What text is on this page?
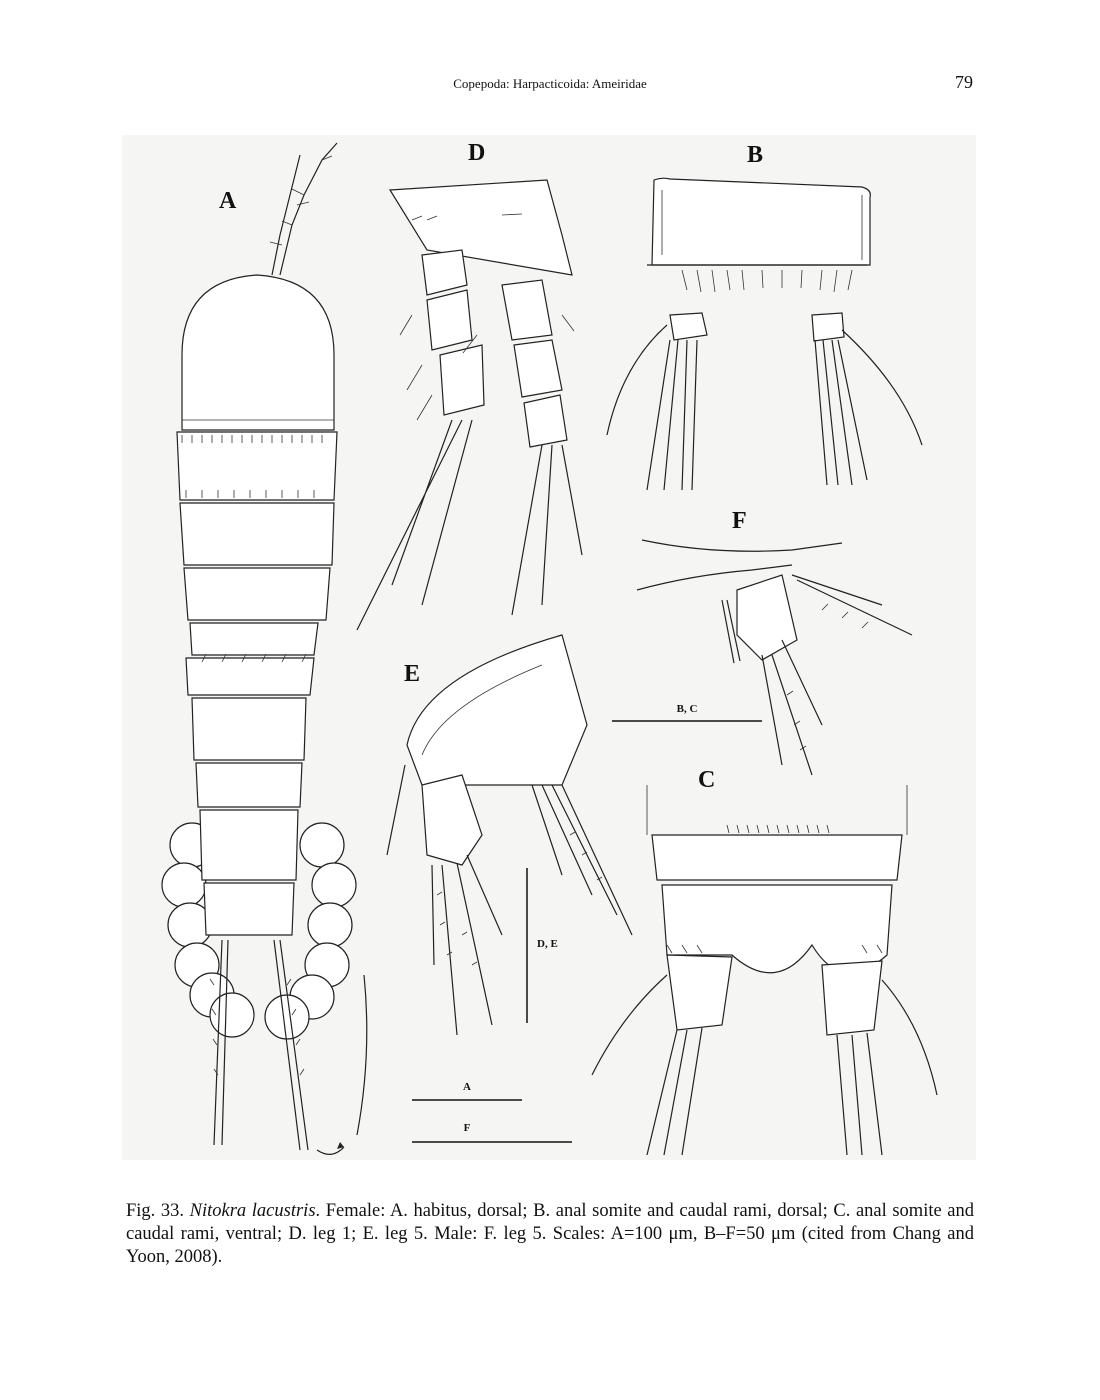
Copepoda: Harpacticoida: Ameiridae	79
A
D	B
F
B, C
E
D, E
C
A
F
Fig. 33. Nitokra lacustris. Female: A. habitus, dorsal; B. anal somite and caudal rami, dorsal; C. anal somite and caudal rami, ventral; D. leg 1; E. leg 5. Male: F. leg 5. Scales: A=100 μm, B–F=50 μm (cited from Chang and Yoon, 2008).
